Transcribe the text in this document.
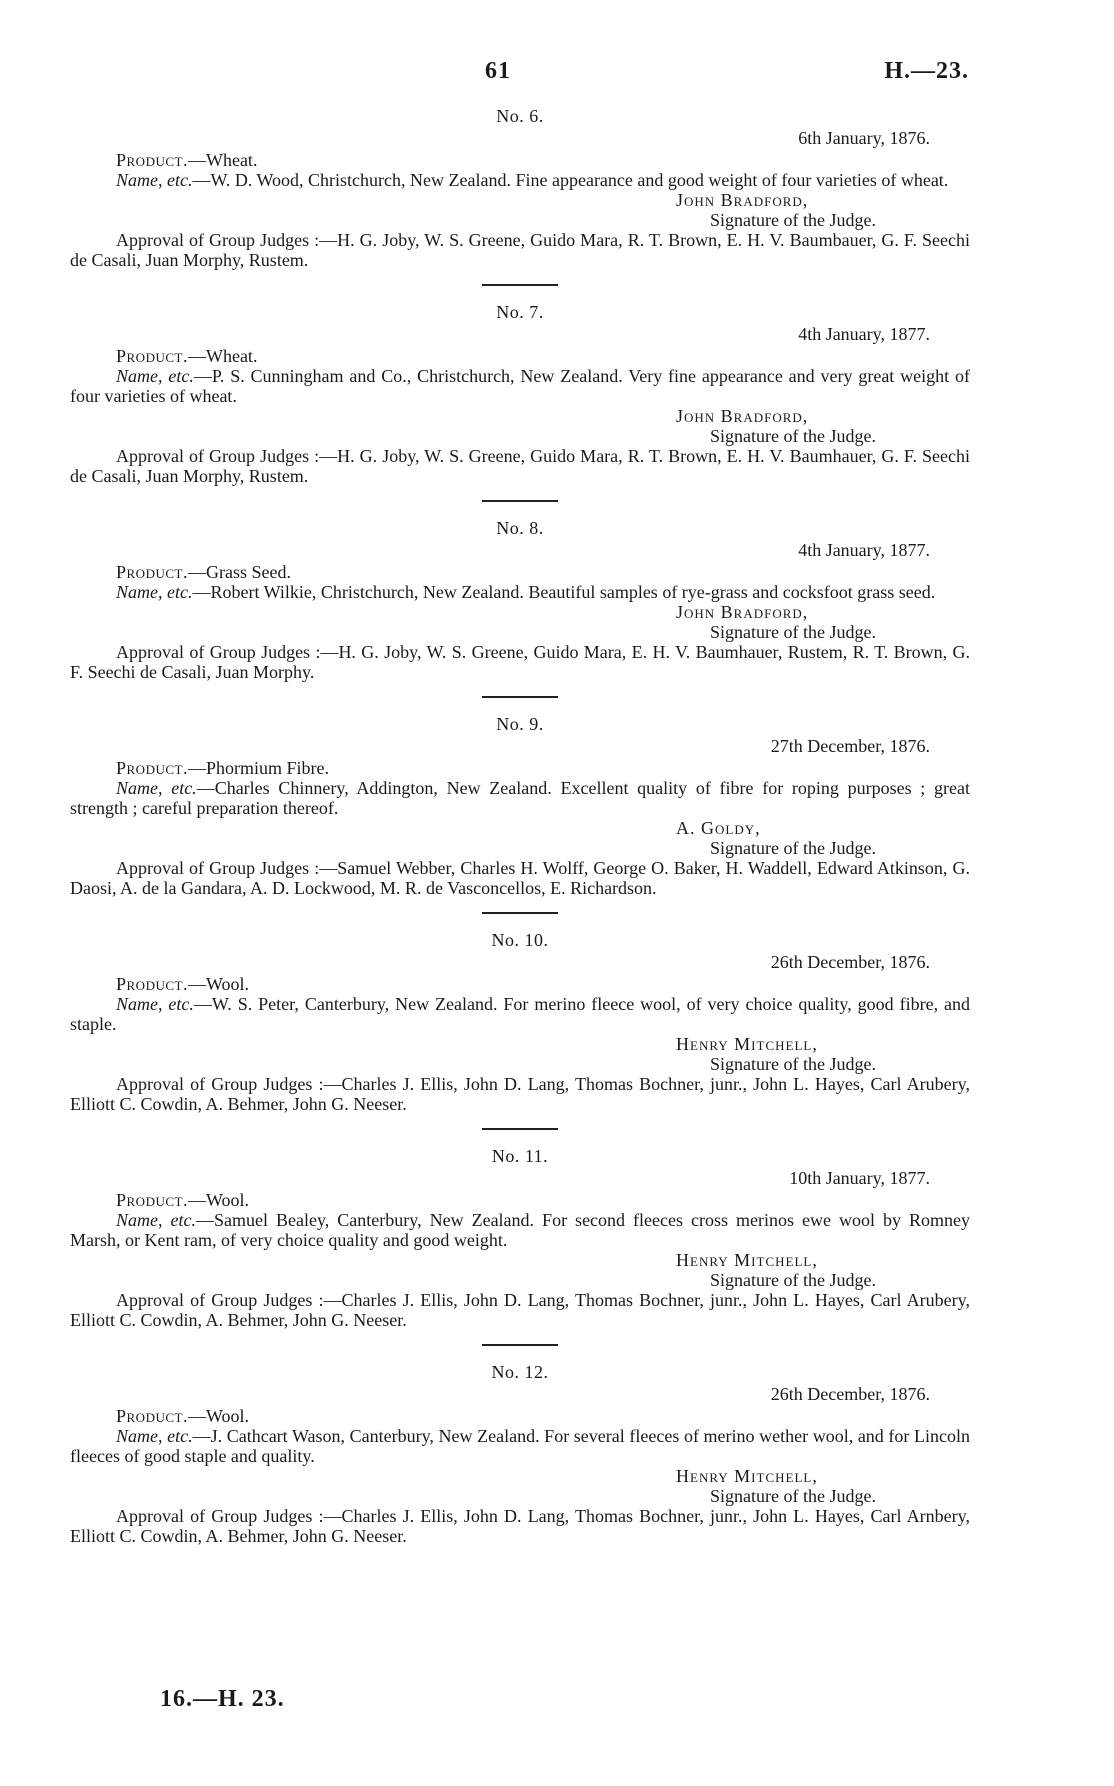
61	H.—23.
No. 6.
6th January, 1876.

Product.—Wheat.

Name, etc.—W. D. Wood, Christchurch, New Zealand. Fine appearance and good weight of four varieties of wheat.

John Bradford,
Signature of the Judge.

Approval of Group Judges :—H. G. Joby, W. S. Greene, Guido Mara, R. T. Brown, E. H. V. Baumbauer, G. F. Seechi de Casali, Juan Morphy, Rustem.

No. 7.
4th January, 1877.

Product.—Wheat.

Name, etc.—P. S. Cunningham and Co., Christchurch, New Zealand. Very fine appearance and very great weight of four varieties of wheat.

John Bradford,
Signature of the Judge.

Approval of Group Judges :—H. G. Joby, W. S. Greene, Guido Mara, R. T. Brown, E. H. V. Baumhauer, G. F. Seechi de Casali, Juan Morphy, Rustem.

No. 8.
4th January, 1877.

Product.—Grass Seed.

Name, etc.—Robert Wilkie, Christchurch, New Zealand. Beautiful samples of rye-grass and cocksfoot grass seed.

John Bradford,
Signature of the Judge.

Approval of Group Judges :—H. G. Joby, W. S. Greene, Guido Mara, E. H. V. Baumhauer, Rustem, R. T. Brown, G. F. Seechi de Casali, Juan Morphy.

No. 9.
27th December, 1876.

Product.—Phormium Fibre.

Name, etc.—Charles Chinnery, Addington, New Zealand. Excellent quality of fibre for roping purposes ; great strength ; careful preparation thereof.

A. Goldy,
Signature of the Judge.

Approval of Group Judges :—Samuel Webber, Charles H. Wolff, George O. Baker, H. Waddell, Edward Atkinson, G. Daosi, A. de la Gandara, A. D. Lockwood, M. R. de Vasconcellos, E. Richardson.

No. 10.
26th December, 1876.

Product.—Wool.

Name, etc.—W. S. Peter, Canterbury, New Zealand. For merino fleece wool, of very choice quality, good fibre, and staple.

Henry Mitchell,
Signature of the Judge.

Approval of Group Judges :—Charles J. Ellis, John D. Lang, Thomas Bochner, junr., John L. Hayes, Carl Arubery, Elliott C. Cowdin, A. Behmer, John G. Neeser.

No. 11.
10th January, 1877.

Product.—Wool.

Name, etc.—Samuel Bealey, Canterbury, New Zealand. For second fleeces cross merinos ewe wool by Romney Marsh, or Kent ram, of very choice quality and good weight.

Henry Mitchell,
Signature of the Judge.

Approval of Group Judges :—Charles J. Ellis, John D. Lang, Thomas Bochner, junr., John L. Hayes, Carl Arubery, Elliott C. Cowdin, A. Behmer, John G. Neeser.

No. 12.
26th December, 1876.

Product.—Wool.

Name, etc.—J. Cathcart Wason, Canterbury, New Zealand. For several fleeces of merino wether wool, and for Lincoln fleeces of good staple and quality.

Henry Mitchell,
Signature of the Judge.

Approval of Group Judges :—Charles J. Ellis, John D. Lang, Thomas Bochner, junr., John L. Hayes, Carl Arnbery, Elliott C. Cowdin, A. Behmer, John G. Neeser.

16.—H. 23.
